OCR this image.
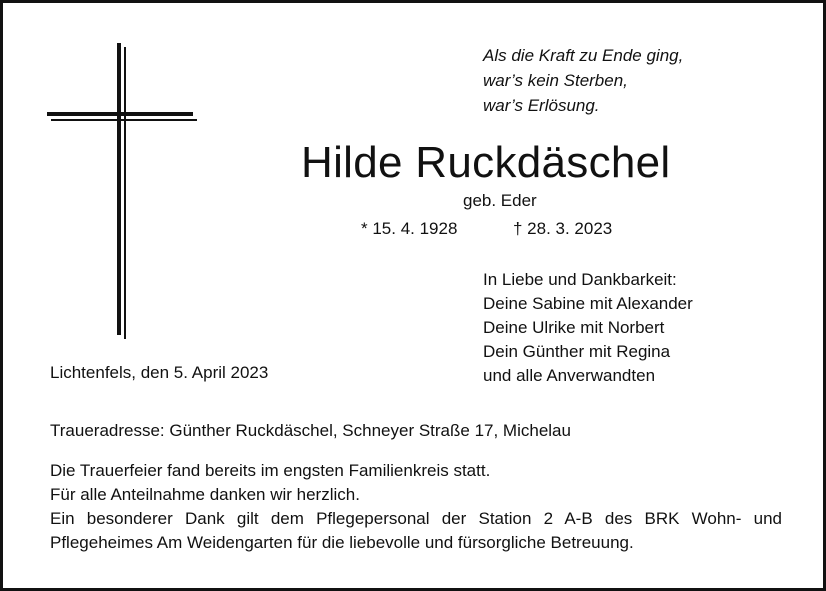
Als die Kraft zu Ende ging,
war’s kein Sterben,
war’s Erlösung.
Hilde Ruckdäschel
geb. Eder
* 15. 4. 1928	† 28. 3. 2023
In Liebe und Dankbarkeit:
Deine Sabine mit Alexander
Deine Ulrike mit Norbert
Dein Günther mit Regina
und alle Anverwandten
Lichtenfels, den 5. April 2023
Traueradresse: Günther Ruckdäschel, Schneyer Straße 17, Michelau
Die Trauerfeier fand bereits im engsten Familienkreis statt.
Für alle Anteilnahme danken wir herzlich.
Ein besonderer Dank gilt dem Pflegepersonal der Station 2 A-B des BRK Wohn- und
Pflegeheimes Am Weidengarten für die liebevolle und fürsorgliche Betreuung.
